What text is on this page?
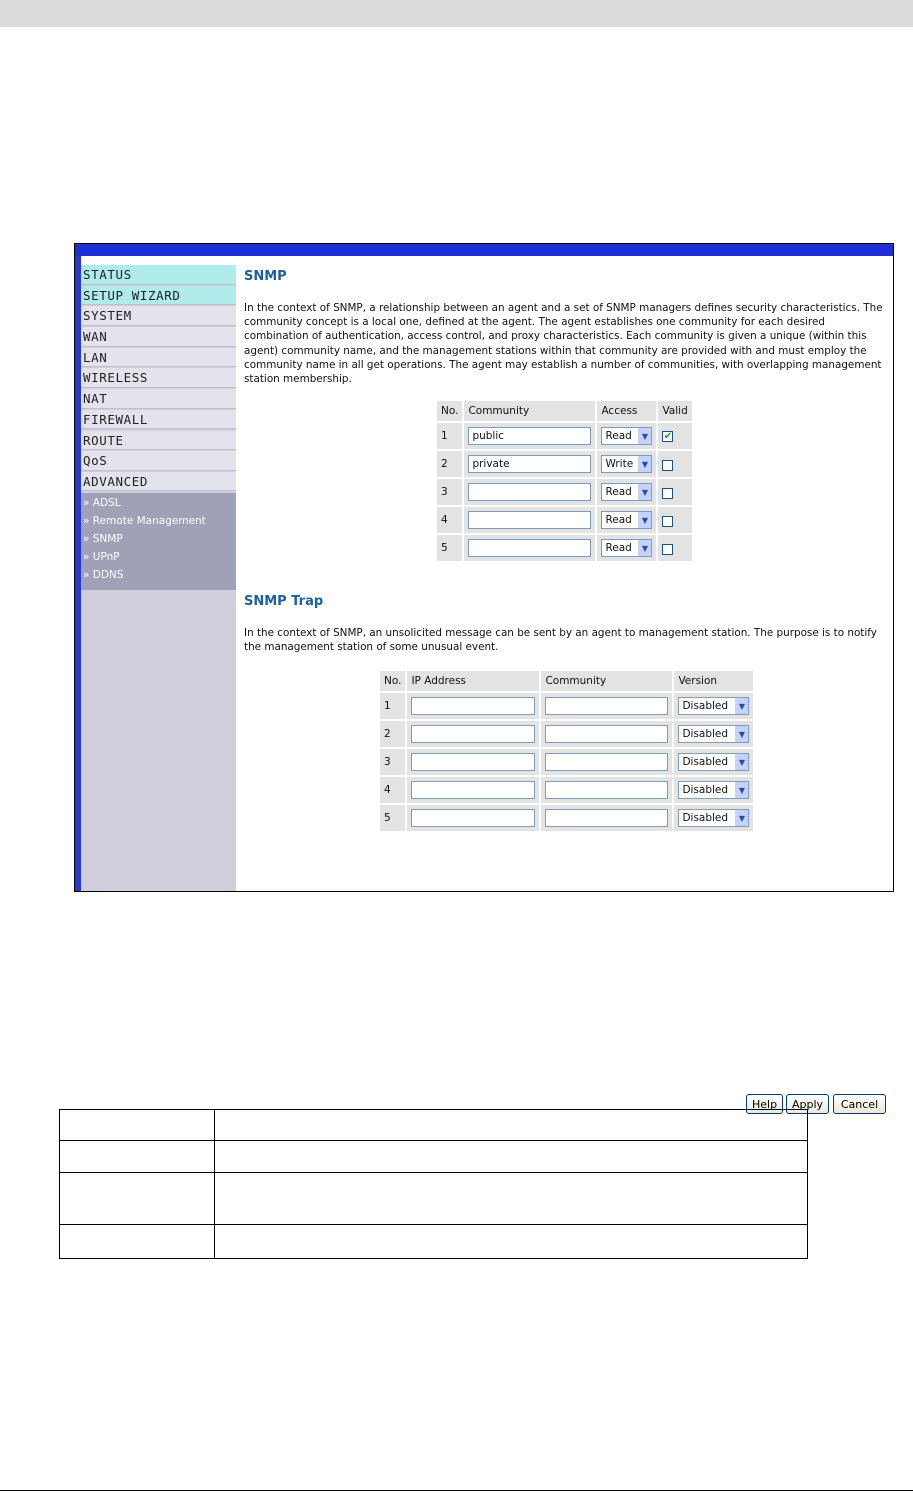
STATUS
SETUP WIZARD
SYSTEM
WAN
LAN
WIRELESS
NAT
FIREWALL
ROUTE
QoS
ADVANCED
» ADSL
» Remote Management
» SNMP
» UPnP
» DDNS
SNMP
In the context of SNMP, a relationship between an agent and a set of SNMP managers defines security characteristics. The community concept is a local one, defined at the agent. The agent establishes one community for each desired combination of authentication, access control, and proxy characteristics. Each community is given a unique (within this agent) community name, and the management stations within that community are provided with and must employ the community name in all get operations. The agent may establish a number of communities, with overlapping management station membership.
No.	Community	Access	Valid
1	public	Read ▼	✔

2	private	Write ▼	

3		Read ▼	

4		Read ▼	

5		Read ▼	

SNMP Trap
In the context of SNMP, an unsolicited message can be sent by an agent to management station. The purpose is to notify the management station of some unusual event.
No.	IP Address	Community	Version
1			Disabled ▼

2			Disabled ▼

3			Disabled ▼

4			Disabled ▼

5			Disabled ▼
Help	Apply	Cancel
